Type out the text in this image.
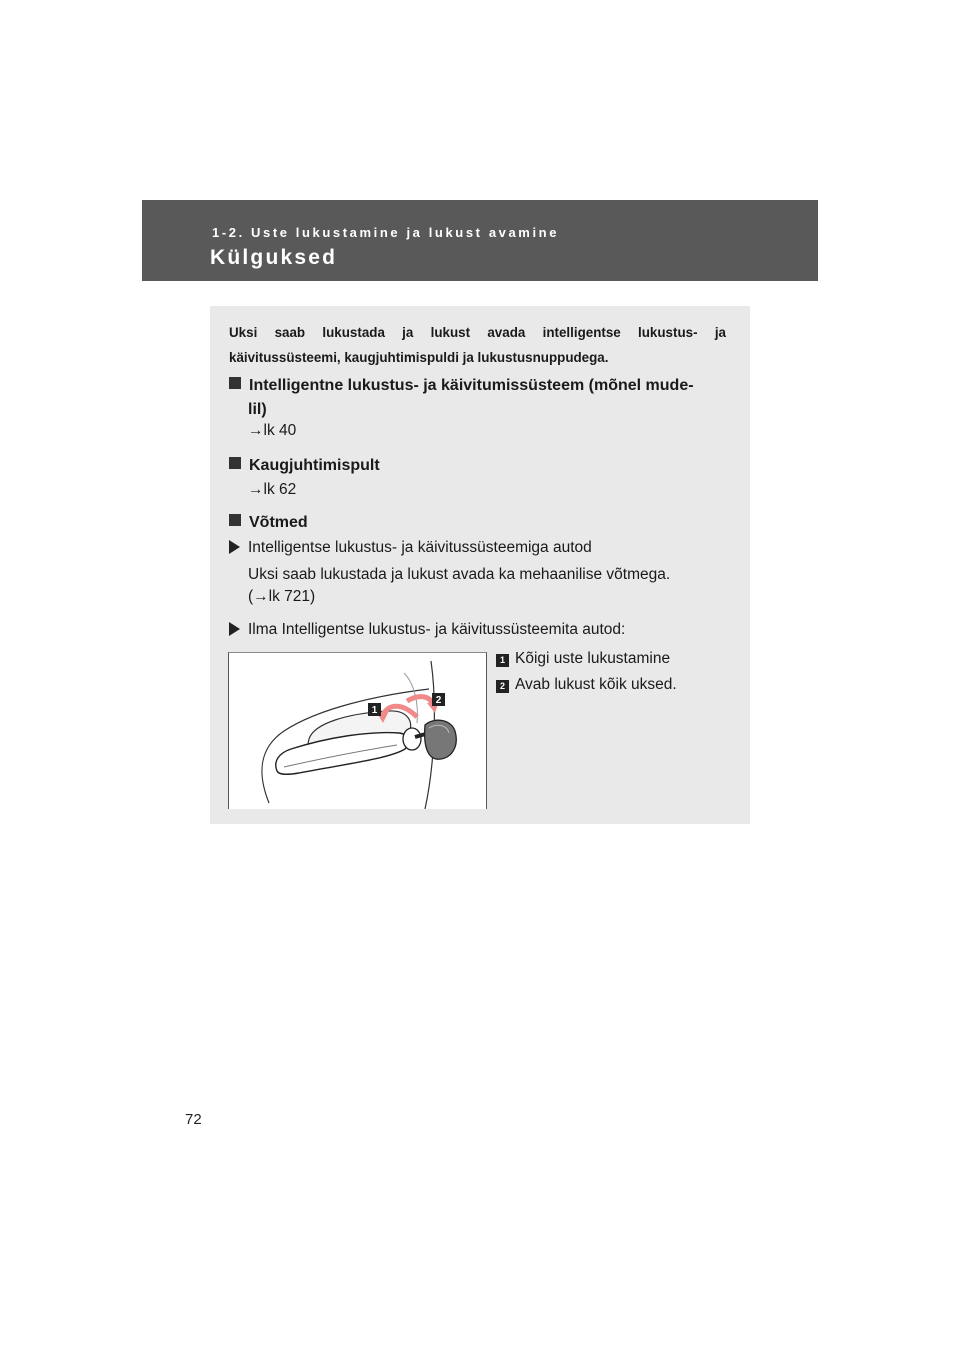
1-2. Uste lukustamine ja lukust avamine
Külguksed
Uksi saab lukustada ja lukust avada intelligentse lukustus- ja käivitussüsteemi, kaugjuhtimispuldi ja lukustusnuppudega.
Intelligentne lukustus- ja käivitumissüsteem (mõnel mude-
lil)
→lk 40
Kaugjuhtimispult
→lk 62
Võtmed
Intelligentse lukustus- ja käivitussüsteemiga autod
Uksi saab lukustada ja lukust avada ka mehaanilise võtmega.
(→lk 721)
Ilma Intelligentse lukustus- ja käivitussüsteemita autod:
1
2
1 Kõigi uste lukustamine
2 Avab lukust kõik uksed.
72
